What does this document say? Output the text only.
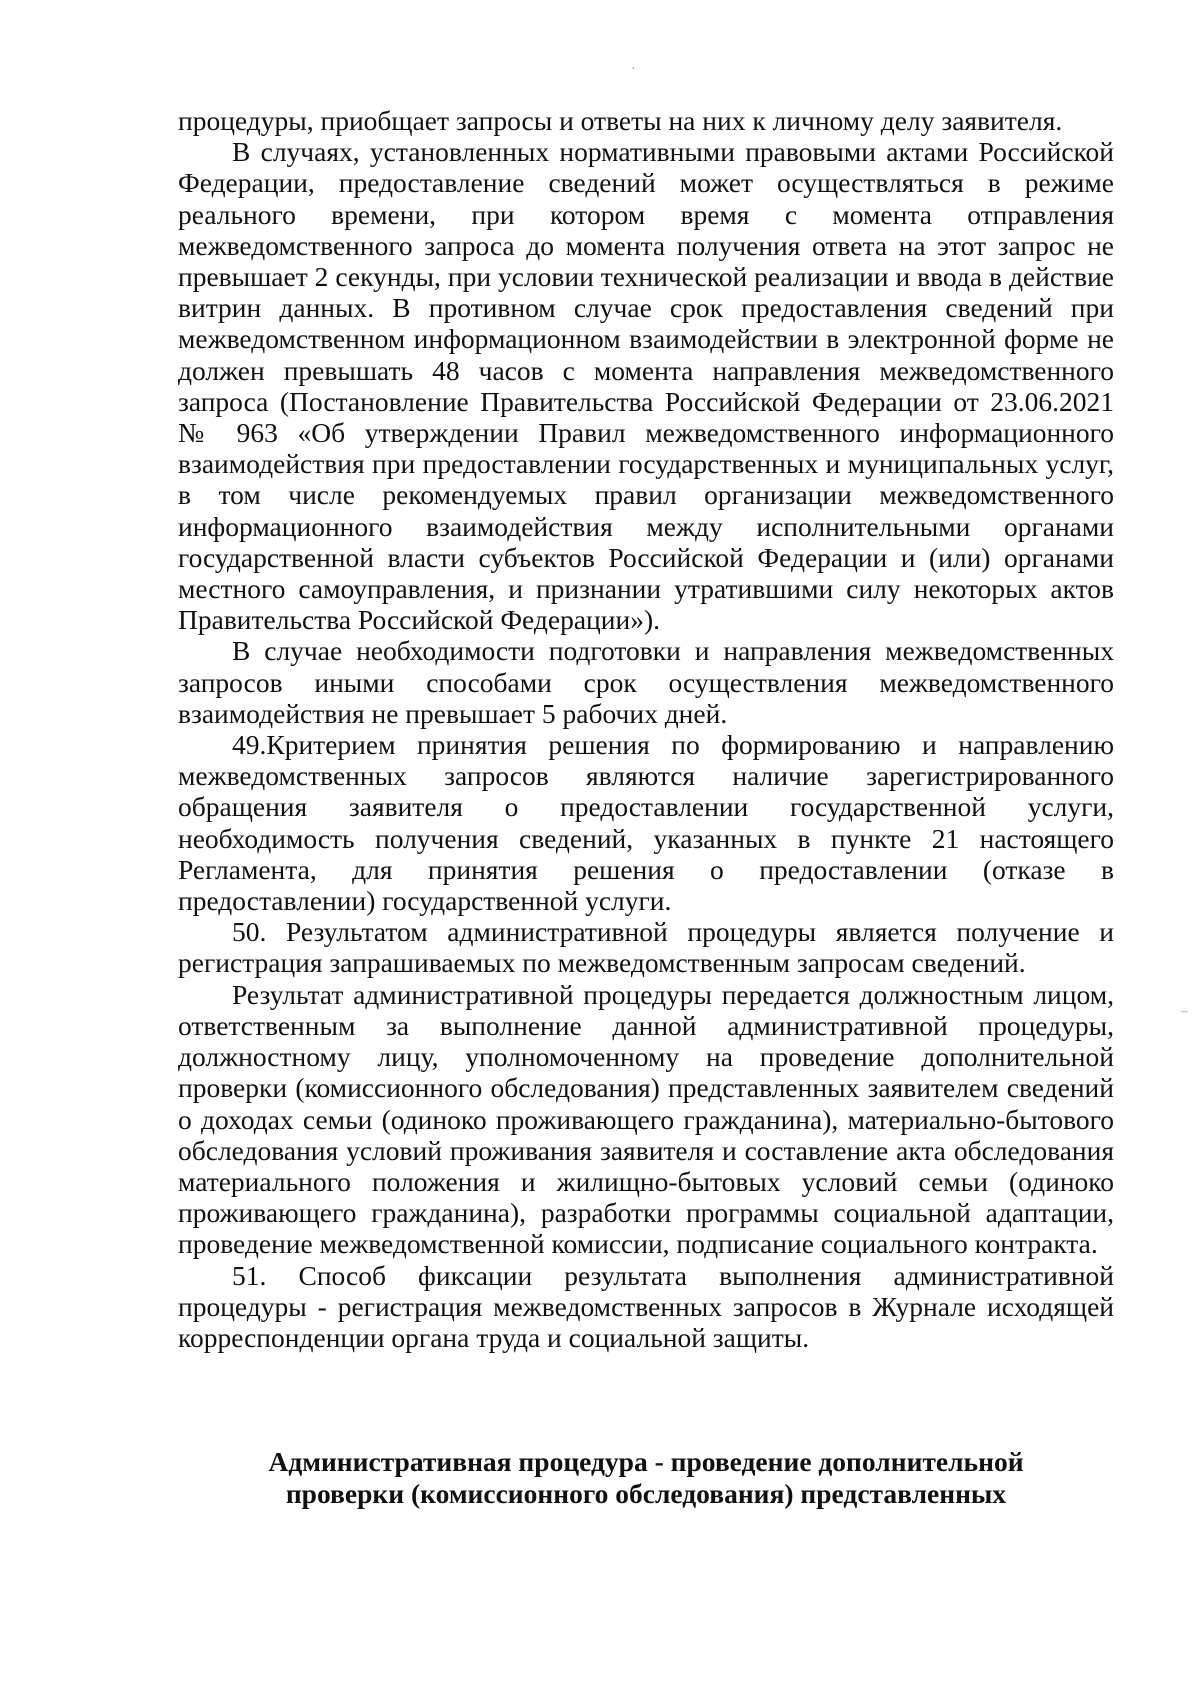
·
–

процедуры, приобщает запросы и ответы на них к личному делу заявителя.

В случаях, установленных нормативными правовыми актами Российской Федерации, предоставление сведений может осуществляться в режиме реального времени, при котором время с момента отправления межведомственного запроса до момента получения ответа на этот запрос не превышает 2 секунды, при условии технической реализации и ввода в действие витрин данных. В противном случае срок предоставления сведений при межведомственном информационном взаимодействии в электронной форме не должен превышать 48 часов с момента направления межведомственного запроса (Постановление Правительства Российской Федерации от 23.06.2021 № 963 «Об утверждении Правил межведомственного информационного взаимодействия при предоставлении государственных и муниципальных услуг, в том числе рекомендуемых правил организации межведомственного информационного взаимодействия между исполнительными органами государственной власти субъектов Российской Федерации и (или) органами местного самоуправления, и признании утратившими силу некоторых актов Правительства Российской Федерации»).

В случае необходимости подготовки и направления межведомственных запросов иными способами срок осуществления межведомственного взаимодействия не превышает 5 рабочих дней.

49.Критерием принятия решения по формированию и направлению межведомственных запросов являются наличие зарегистрированного обращения заявителя о предоставлении государственной услуги, необходимость получения сведений, указанных в пункте 21 настоящего Регламента, для принятия решения о предоставлении (отказе в предоставлении) государственной услуги.

50. Результатом административной процедуры является получение и регистрация запрашиваемых по межведомственным запросам сведений.

Результат административной процедуры передается должностным лицом, ответственным за выполнение данной административной процедуры, должностному лицу, уполномоченному на проведение дополнительной проверки (комиссионного обследования) представленных заявителем сведений о доходах семьи (одиноко проживающего гражданина), материально-бытового обследования условий проживания заявителя и составление акта обследования материального положения и жилищно-бытовых условий семьи (одиноко проживающего гражданина), разработки программы социальной адаптации, проведение межведомственной комиссии, подписание социального контракта.

51. Способ фиксации результата выполнения административной процедуры - регистрация межведомственных запросов в Журнале исходящей корреспонденции органа труда и социальной защиты.

Административная процедура - проведение дополнительной
проверки (комиссионного обследования) представленных
